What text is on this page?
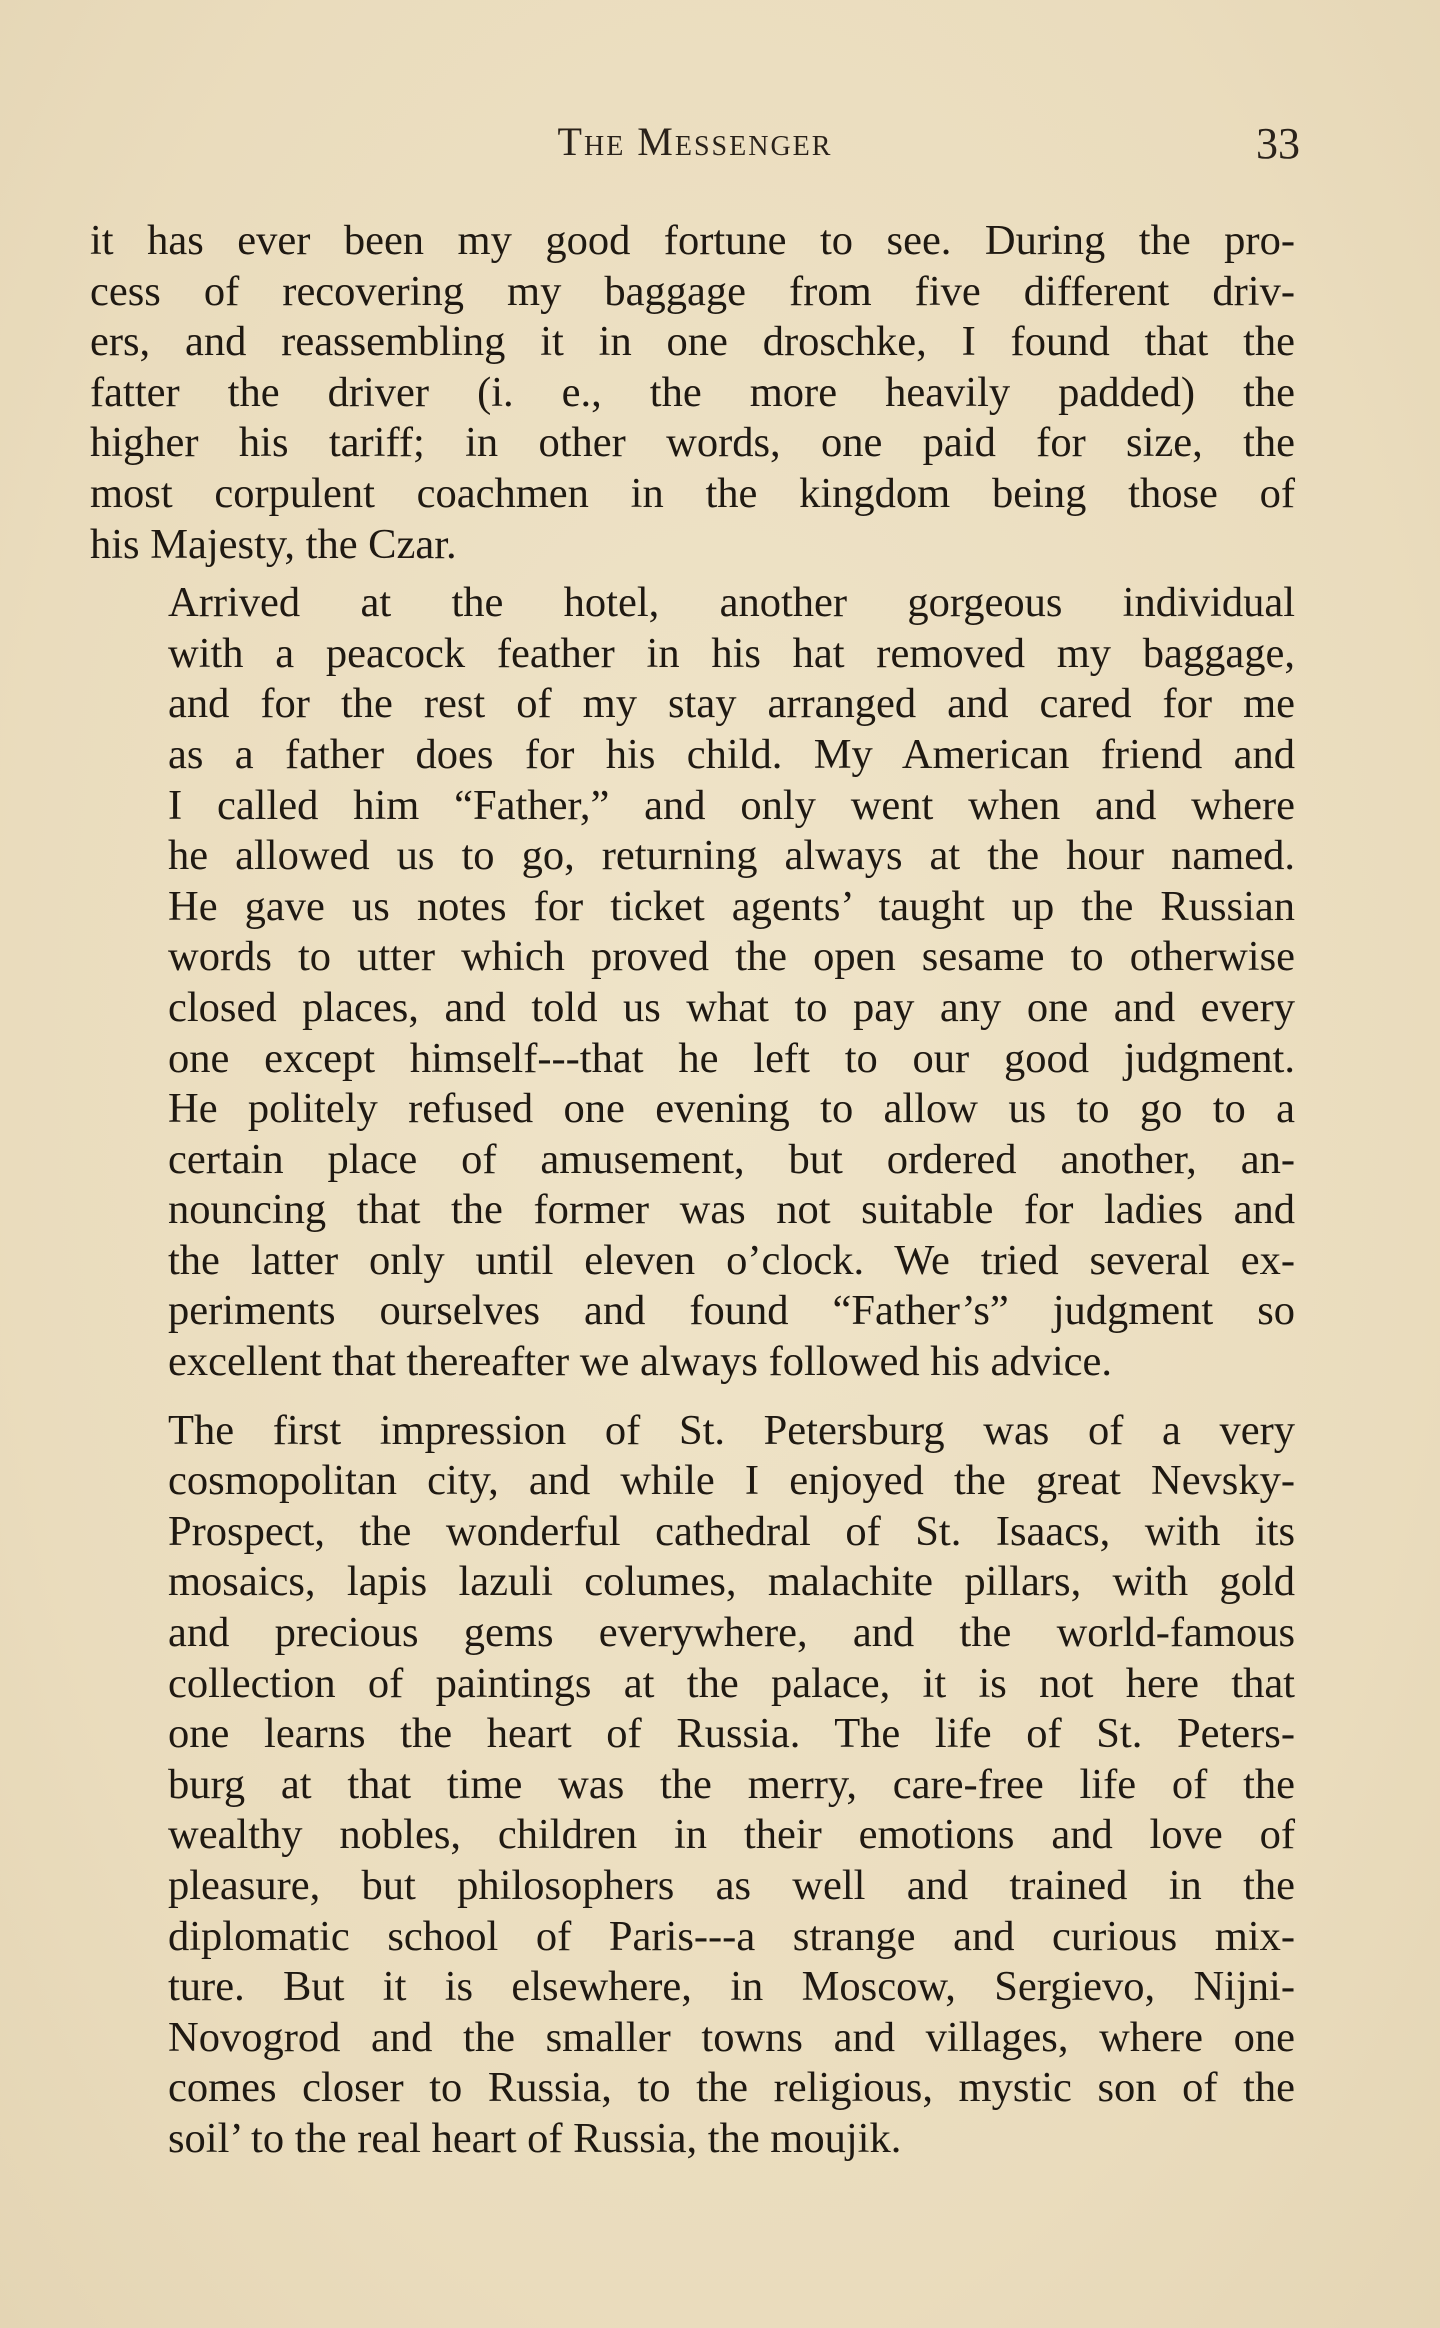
The Messenger	33
it has ever been my good fortune to see. During the pro-
cess of recovering my baggage from five different driv-
ers, and reassembling it in one droschke, I found that the
fatter the driver (i. e., the more heavily padded) the
higher his tariff; in other words, one paid for size, the
most corpulent coachmen in the kingdom being those of
his Majesty, the Czar.
Arrived at the hotel, another gorgeous individual
with a peacock feather in his hat removed my baggage,
and for the rest of my stay arranged and cared for me
as a father does for his child. My American friend and
I called him “Father,” and only went when and where
he allowed us to go, returning always at the hour named.
He gave us notes for ticket agents’ taught up the Russian
words to utter which proved the open sesame to otherwise
closed places, and told us what to pay any one and every
one except himself---that he left to our good judgment.
He politely refused one evening to allow us to go to a
certain place of amusement, but ordered another, an-
nouncing that the former was not suitable for ladies and
the latter only until eleven o’clock. We tried several ex-
periments ourselves and found “Father’s” judgment so
excellent that thereafter we always followed his advice.
The first impression of St. Petersburg was of a very
cosmopolitan city, and while I enjoyed the great Nevsky-
Prospect, the wonderful cathedral of St. Isaacs, with its
mosaics, lapis lazuli columes, malachite pillars, with gold
and precious gems everywhere, and the world-famous
collection of paintings at the palace, it is not here that
one learns the heart of Russia. The life of St. Peters-
burg at that time was the merry, care-free life of the
wealthy nobles, children in their emotions and love of
pleasure, but philosophers as well and trained in the
diplomatic school of Paris---a strange and curious mix-
ture. But it is elsewhere, in Moscow, Sergievo, Nijni-
Novogrod and the smaller towns and villages, where one
comes closer to Russia, to the religious, mystic son of the
soil’ to the real heart of Russia, the moujik.
